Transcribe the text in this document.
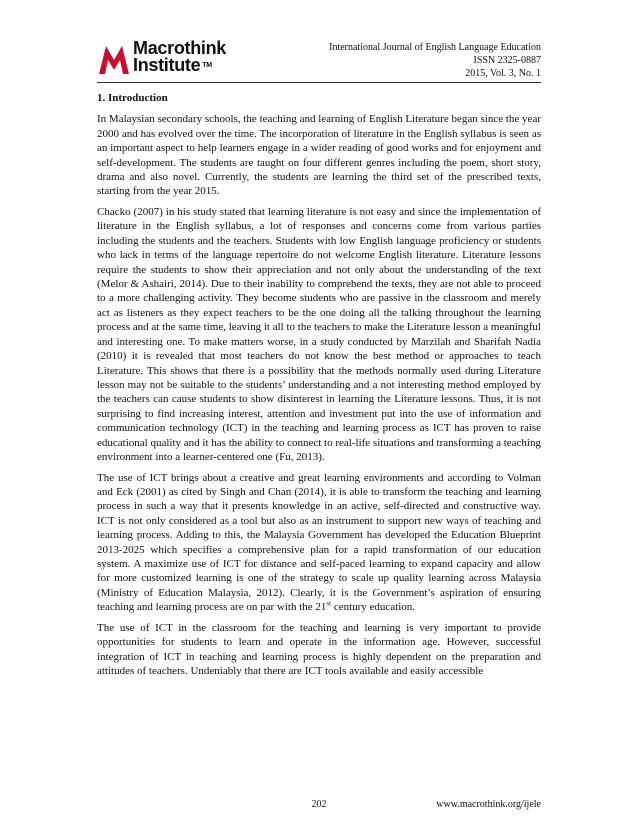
Macrothink
Institute ™
International Journal of English Language Education
ISSN 2325-0887
2015, Vol. 3, No. 1
1. Introduction

In Malaysian secondary schools, the teaching and learning of English Literature began since the year 2000 and has evolved over the time. The incorporation of literature in the English syllabus is seen as an important aspect to help learners engage in a wider reading of good works and for enjoyment and self-development. The students are taught on four different genres including the poem, short story, drama and also novel. Currently, the students are learning the third set of the prescribed texts, starting from the year 2015.

Chacko (2007) in his study stated that learning literature is not easy and since the implementation of literature in the English syllabus, a lot of responses and concerns come from various parties including the students and the teachers. Students with low English language proficiency or students who lack in terms of the language repertoire do not welcome English literature. Literature lessons require the students to show their appreciation and not only about the understanding of the text (Melor & Ashairi, 2014). Due to their inability to comprehend the texts, they are not able to proceed to a more challenging activity. They become students who are passive in the classroom and merely act as listeners as they expect teachers to be the one doing all the talking throughout the learning process and at the same time, leaving it all to the teachers to make the Literature lesson a meaningful and interesting one. To make matters worse, in a study conducted by Marzilah and Sharifah Nadia (2010) it is revealed that most teachers do not know the best method or approaches to teach Literature. This shows that there is a possibility that the methods normally used during Literature lesson may not be suitable to the students’ understanding and a not interesting method employed by the teachers can cause students to show disinterest in learning the Literature lessons. Thus, it is not surprising to find increasing interest, attention and investment put into the use of information and communication technology (ICT) in the teaching and learning process as ICT has proven to raise educational quality and it has the ability to connect to real-life situations and transforming a teaching environment into a learner-centered one (Fu, 2013).

The use of ICT brings about a creative and great learning environments and according to Volman and Eck (2001) as cited by Singh and Chan (2014), it is able to transform the teaching and learning process in such a way that it presents knowledge in an active, self-directed and constructive way. ICT is not only considered as a tool but also as an instrument to support new ways of teaching and learning process. Adding to this, the Malaysia Government has developed the Education Blueprint 2013-2025 which specifies a comprehensive plan for a rapid transformation of our education system. A maximize use of ICT for distance and self-paced learning to expand capacity and allow for more customized learning is one of the strategy to scale up quality learning across Malaysia (Ministry of Education Malaysia, 2012). Clearly, it is the Government’s aspiration of ensuring teaching and learning process are on par with the 21st century education.

The use of ICT in the classroom for the teaching and learning is very important to provide opportunities for students to learn and operate in the information age. However, successful integration of ICT in teaching and learning process is highly dependent on the preparation and attitudes of teachers. Undeniably that there are ICT tools available and easily accessible

202	www.macrothink.org/ijele
